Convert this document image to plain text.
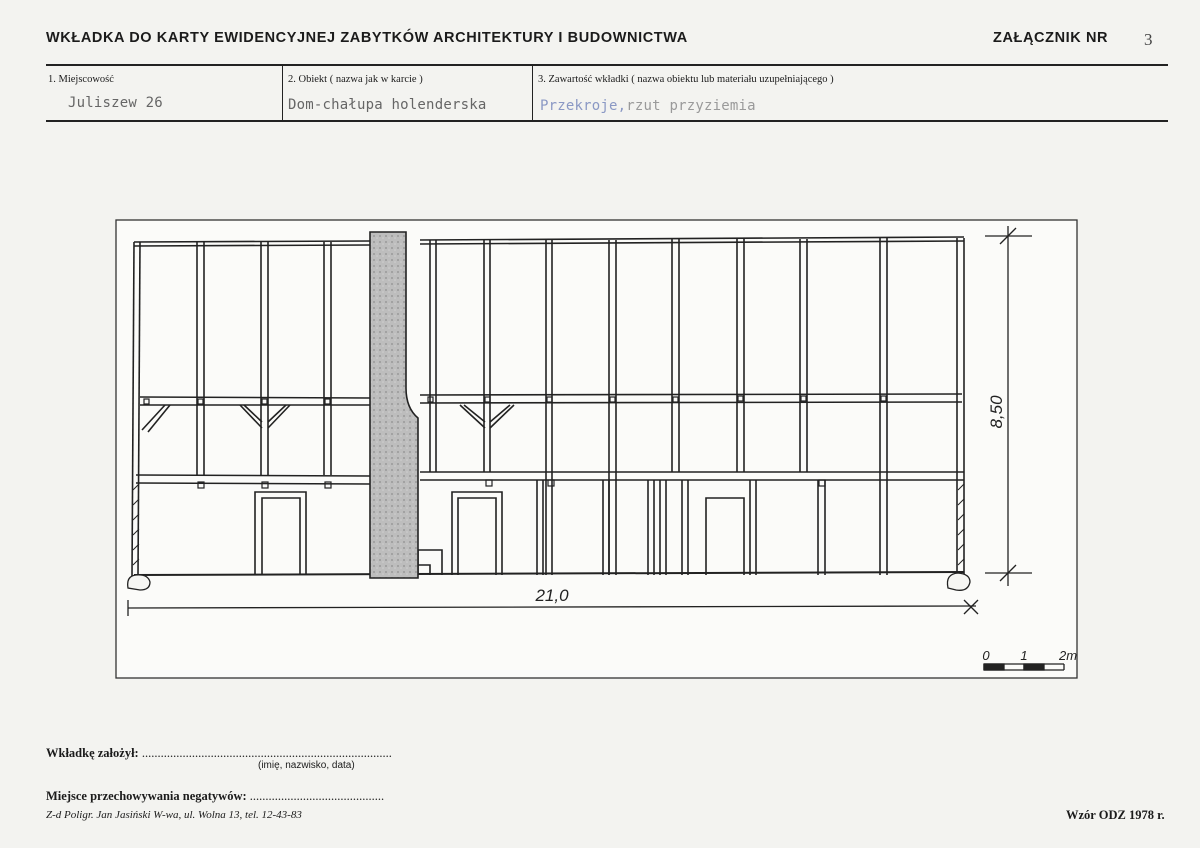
WKŁADKA DO KARTY EWIDENCYJNEJ ZABYTKÓW ARCHITEKTURY I BUDOWNICTWA	ZAŁĄCZNIK NR 3
1. Miejscowość
Juliszew 26
2. Obiekt ( nazwa jak w karcie )
Dom-chałupa holenderska
3. Zawartość wkładki ( nazwa obiektu lub materiału uzupełniającego )
Przekroje,rzut przyziemia
8,50
21,0
0 1 2m
Wkładkę założył: ................................................................................
(imię, nazwisko, data)
Miejsce przechowywania negatywów: ...........................................
Z-d Poligr. Jan Jasiński W-wa, ul. Wolna 13, tel. 12-43-83	Wzór ODZ 1978 r.
